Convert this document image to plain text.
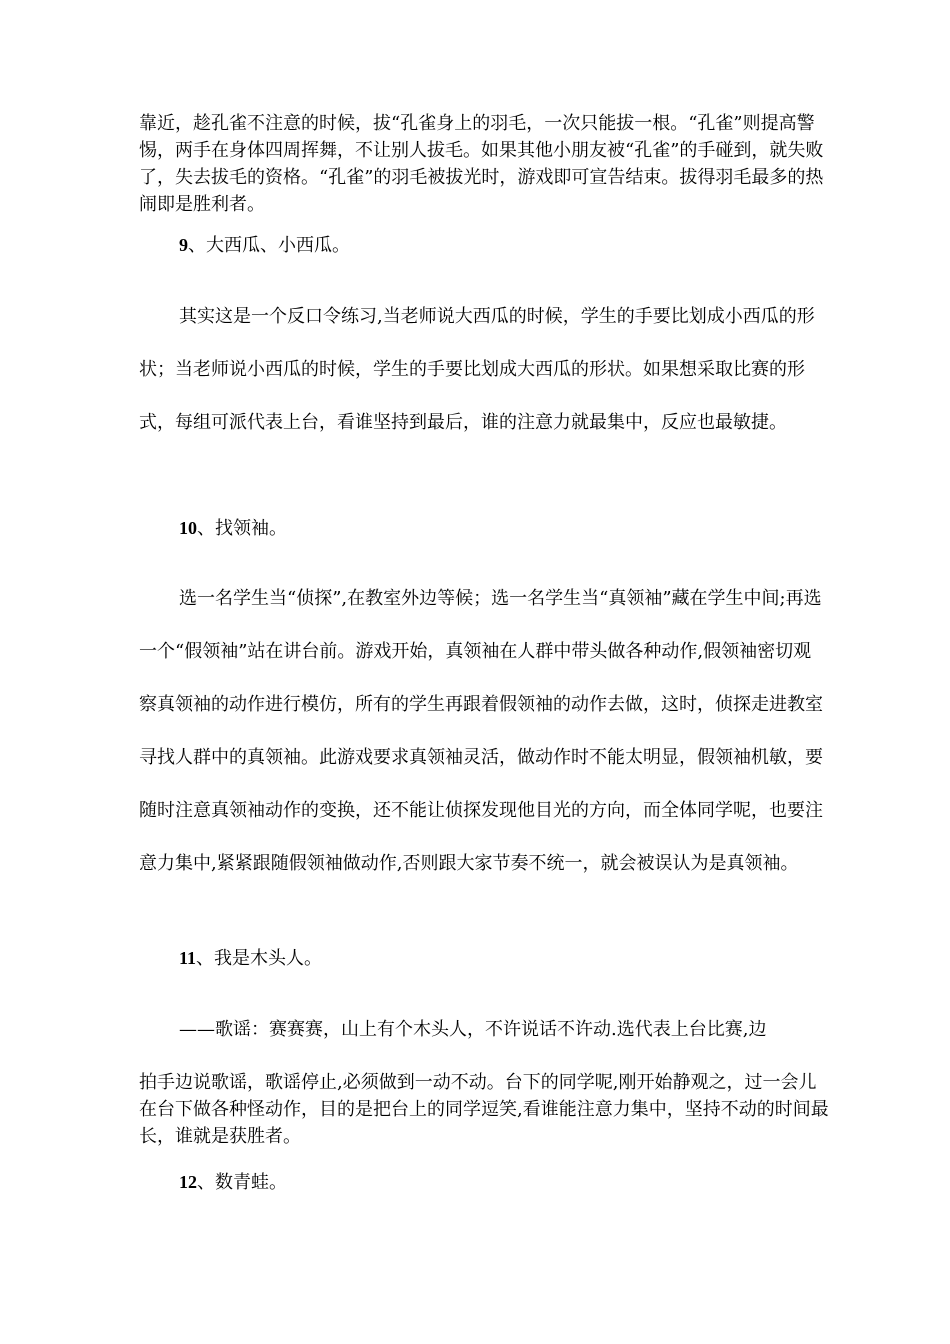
靠近，趁孔雀不注意的时候，拔“孔雀身上的羽毛，一次只能拔一根。“孔雀”则提高警惕，两手在身体四周挥舞，不让别人拔毛。如果其他小朋友被“孔雀”的手碰到，就失败了，失去拔毛的资格。“孔雀”的羽毛被拔光时，游戏即可宣告结束。拔得羽毛最多的热闹即是胜利者。

9、大西瓜、小西瓜。

其实这是一个反口令练习,当老师说大西瓜的时候，学生的手要比划成小西瓜的形状；当老师说小西瓜的时候，学生的手要比划成大西瓜的形状。如果想采取比赛的形式，每组可派代表上台，看谁坚持到最后，谁的注意力就最集中，反应也最敏捷。

10、找领袖。

选一名学生当“侦探”,在教室外边等候；选一名学生当“真领袖”藏在学生中间;再选一个“假领袖”站在讲台前。游戏开始，真领袖在人群中带头做各种动作,假领袖密切观察真领袖的动作进行模仿，所有的学生再跟着假领袖的动作去做，这时，侦探走进教室寻找人群中的真领袖。此游戏要求真领袖灵活，做动作时不能太明显，假领袖机敏，要随时注意真领袖动作的变换，还不能让侦探发现他目光的方向，而全体同学呢，也要注意力集中,紧紧跟随假领袖做动作,否则跟大家节奏不统一，就会被误认为是真领袖。

11、我是木头人。

——歌谣：赛赛赛，山上有个木头人，不许说话不许动.选代表上台比赛,边

拍手边说歌谣，歌谣停止,必须做到一动不动。台下的同学呢,刚开始静观之，过一会儿在台下做各种怪动作，目的是把台上的同学逗笑,看谁能注意力集中，坚持不动的时间最长，谁就是获胜者。

12、数青蛙。
